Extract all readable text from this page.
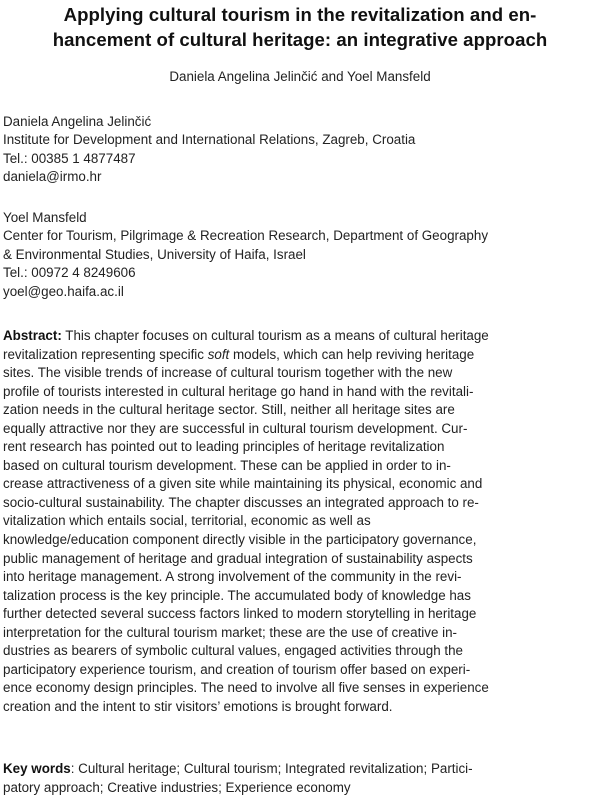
Applying cultural tourism in the revitalization and en-
hancement of cultural heritage: an integrative approach
Daniela Angelina Jelinčić and Yoel Mansfeld
Daniela Angelina Jelinčić
Institute for Development and International Relations, Zagreb, Croatia
Tel.: 00385 1 4877487
daniela@irmo.hr
Yoel Mansfeld
Center for Tourism, Pilgrimage & Recreation Research, Department of Geography
& Environmental Studies, University of Haifa, Israel
Tel.: 00972 4 8249606
yoel@geo.haifa.ac.il
Abstract: This chapter focuses on cultural tourism as a means of cultural heritage
revitalization representing specific soft models, which can help reviving heritage
sites. The visible trends of increase of cultural tourism together with the new
profile of tourists interested in cultural heritage go hand in hand with the revitali-
zation needs in the cultural heritage sector. Still, neither all heritage sites are
equally attractive nor they are successful in cultural tourism development. Cur-
rent research has pointed out to leading principles of heritage revitalization
based on cultural tourism development. These can be applied in order to in-
crease attractiveness of a given site while maintaining its physical, economic and
socio-cultural sustainability. The chapter discusses an integrated approach to re-
vitalization which entails social, territorial, economic as well as
knowledge/education component directly visible in the participatory governance,
public management of heritage and gradual integration of sustainability aspects
into heritage management. A strong involvement of the community in the revi-
talization process is the key principle. The accumulated body of knowledge has
further detected several success factors linked to modern storytelling in heritage
interpretation for the cultural tourism market; these are the use of creative in-
dustries as bearers of symbolic cultural values, engaged activities through the
participatory experience tourism, and creation of tourism offer based on experi-
ence economy design principles. The need to involve all five senses in experience
creation and the intent to stir visitors’ emotions is brought forward.
Key words: Cultural heritage; Cultural tourism; Integrated revitalization; Partici-
patory approach; Creative industries; Experience economy
